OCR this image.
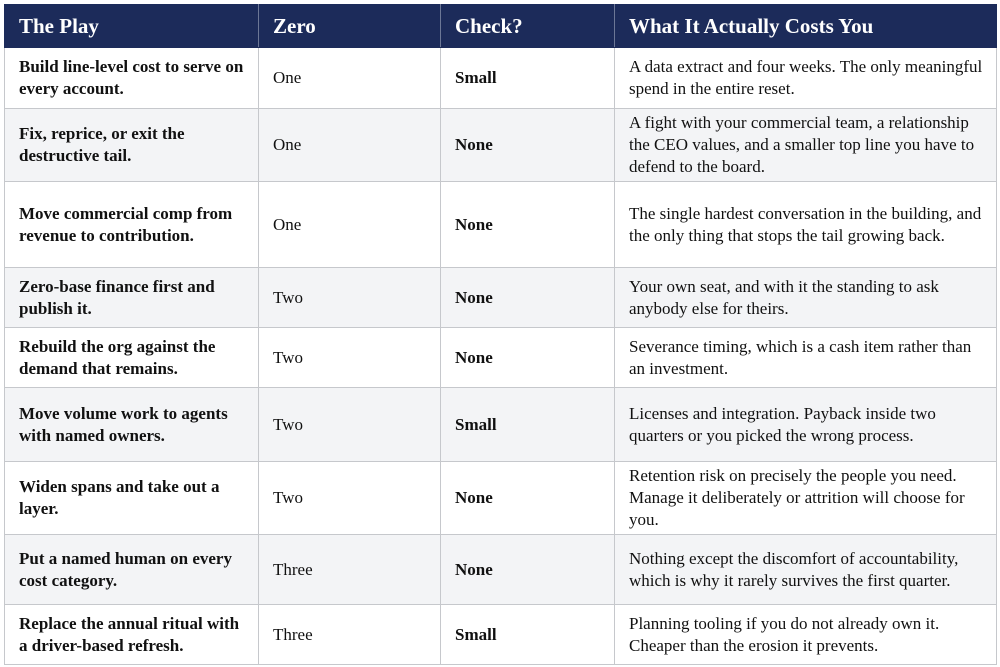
The Play	Zero	Check?	What It Actually Costs You
Build line-level cost to serve on every account.	One	Small	A data extract and four weeks. The only meaningful spend in the entire reset.
Fix, reprice, or exit the destructive tail.	One	None	A fight with your commercial team, a relationship the CEO values, and a smaller top line you have to defend to the board.
Move commercial comp from revenue to contribution.	One	None	The single hardest conversation in the building, and the only thing that stops the tail growing back.
Zero-base finance first and publish it.	Two	None	Your own seat, and with it the standing to ask anybody else for theirs.
Rebuild the org against the demand that remains.	Two	None	Severance timing, which is a cash item rather than an investment.
Move volume work to agents with named owners.	Two	Small	Licenses and integration. Payback inside two quarters or you picked the wrong process.
Widen spans and take out a layer.	Two	None	Retention risk on precisely the people you need. Manage it deliberately or attrition will choose for you.
Put a named human on every cost category.	Three	None	Nothing except the discomfort of accountability, which is why it rarely survives the first quarter.
Replace the annual ritual with a driver-based refresh.	Three	Small	Planning tooling if you do not already own it. Cheaper than the erosion it prevents.
